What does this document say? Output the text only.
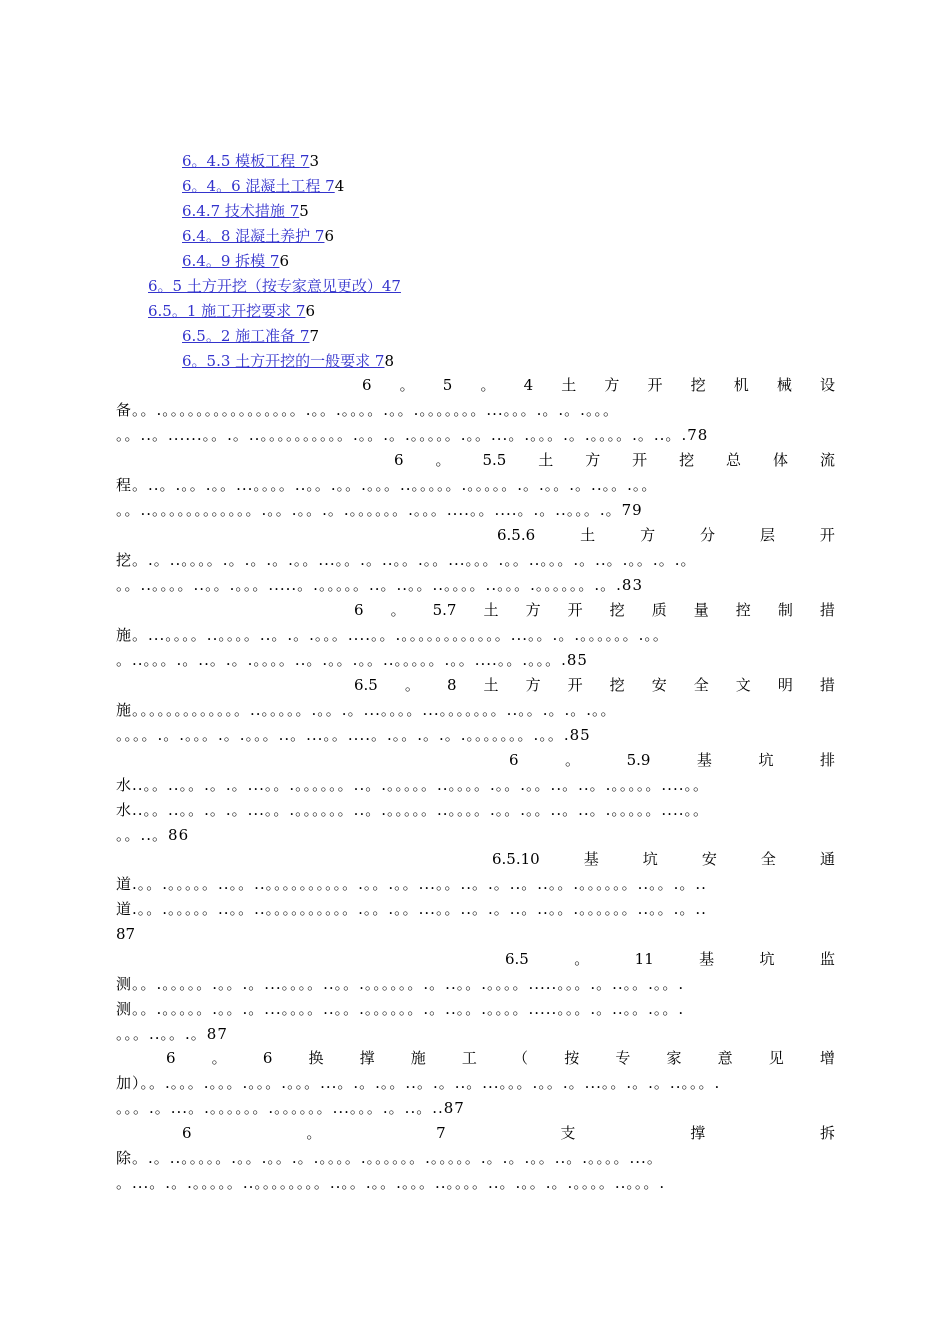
6。4.5 模板工程 73
6。4。6 混凝土工程 74
6.4.7 技术措施 75
6.4。8 混凝土养护 76
6.4。9 拆模 76
6。5 土方开挖（按专家意见更改）47
6.5。1 施工开挖要求 76
6.5。2 施工准备 77
6。5.3 土方开挖的一般要求 78
6 。 5 。 4 土 方 开 挖 机 械 设
备。。.。。。。。。。。。。。。。。。。.。。.。。。。.。。.。。。。。。。...。。。.。.。.。。。
。。..。......。。.。..。。。。。。。。。。.。。.。.。。。。。.。。...。.。。。.。.。。。。.。..。.78
6 。 5.5 土 方 开 挖 总 体 流
程。..。.。。.。。...。。。。..。。.。。.。。。..。。。。。.。。。。。.。.。。.。..。。.。。
。。..。。。。。。。。。。。。.。。.。。.。.。。。。。。.。。。....。。....。.。..。。。.。79
6.5.6	土	方	分	层	开
挖。.。..。。。。.。.。.。.。。...。。.。..。。.。。...。。。.。。..。。。.。..。.。。.。.。
。。..。。。。..。。.。。。.....。.。。。。。..。..。。..。。。。..。。。.。。。。。。.。.83
6 。 5.7 土 方 开 挖 质 量 控 制 措
施。...。。。。..。。。。..。.。.。。。....。。.。。。。。。。。。。。。...。。.。.。。。。。。.。。
。..。。。.。..。.。.。。。。..。.。。.。。..。。。。。.。。....。。.。。。.85
6.5 。 8 土 方 开 挖 安 全 文 明 措
施。。。。。。。。。。。。。..。。。。。.。。.。...。。。。...。。。。。。。..。。.。.。.。。
。。。。.。.。。。.。.。。。..。...。。....。.。。.。.。.。。。。。。。.。。.85
6	。	5.9	基	坑	排
水..。。..。。.。.。...。。.。。。。。。..。.。。。。。..。。。。.。。.。。..。..。.。。。。。....。。
水..。。..。。.。.。...。。.。。。。。。..。.。。。。。..。。。。.。。.。。..。..。.。。。。。....。。
。。..。86
6.5.10	基	坑	安	全	通
道.。。.。。。。。..。。..。。。。。。。。。。.。。.。。...。。..。.。..。..。。.。。。。。。..。。.。..
道.。。.。。。。。..。。..。。。。。。。。。。.。。.。。...。。..。.。..。..。。.。。。。。。..。。.。..
87
6.5	。	11	基	坑	监
测。。.。。。。。.。。.。...。。。。..。。.。。。。。。.。..。。.。。。。.....。。。.。..。。.。。.
测。。.。。。。。.。。.。...。。。。..。。.。。。。。。.。..。。.。。。。.....。。。.。..。。.。。.
。。。..。。.。87
6 。 6 换 撑 施 工 （ 按 专 家 意 见 增
加）。。.。。。.。。。.。。。.。。。...。.。.。。..。.。..。...。。。.。。.。...。。.。.。..。。。.
。。。.。...。.。。。。。。.。。。。。。...。。。.。..。..87
6	。	7	支	撑	拆
除。.。..。。。。。.。。.。。.。.。。。。.。。。。。。.。。。。。.。.。.。。..。.。。。。...。
。...。.。.。。。。。..。。。。。。。。..。。.。。.。。。..。。。。..。.。。.。.。。。。..。。。.
